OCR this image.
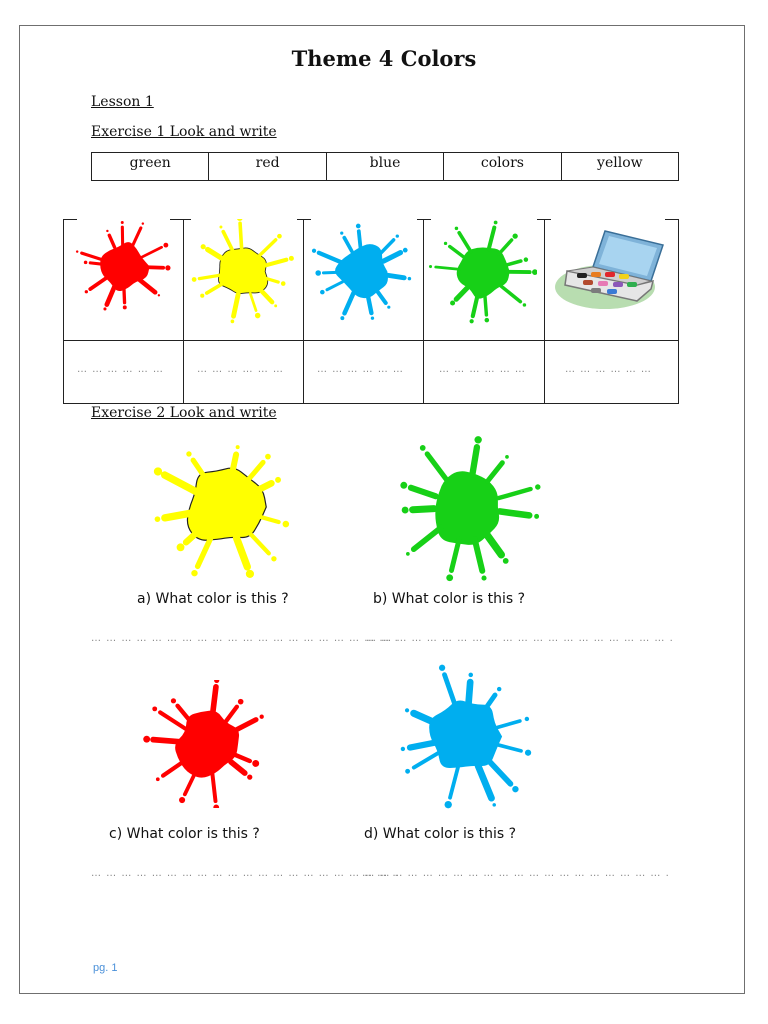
Theme 4 Colors
Lesson 1
Exercise 1 Look and write
green	red	blue	colors	yellow
… … … … … …	… … … … … …	… … … … … …	… … … … … …	… … … … … …
Exercise 2 Look and write
a) What color is this ?	b) What color is this ?
… … … … … … … … … … … … … … … … … … … … .
… … … … … … … … … … … … … … … … … … … … .
c) What color is this ?	d) What color is this ?
… … … … … … … … … … … … … … … … … … … … .
… … … … … … … … … … … … … … … … … … … … .
pg. 1
